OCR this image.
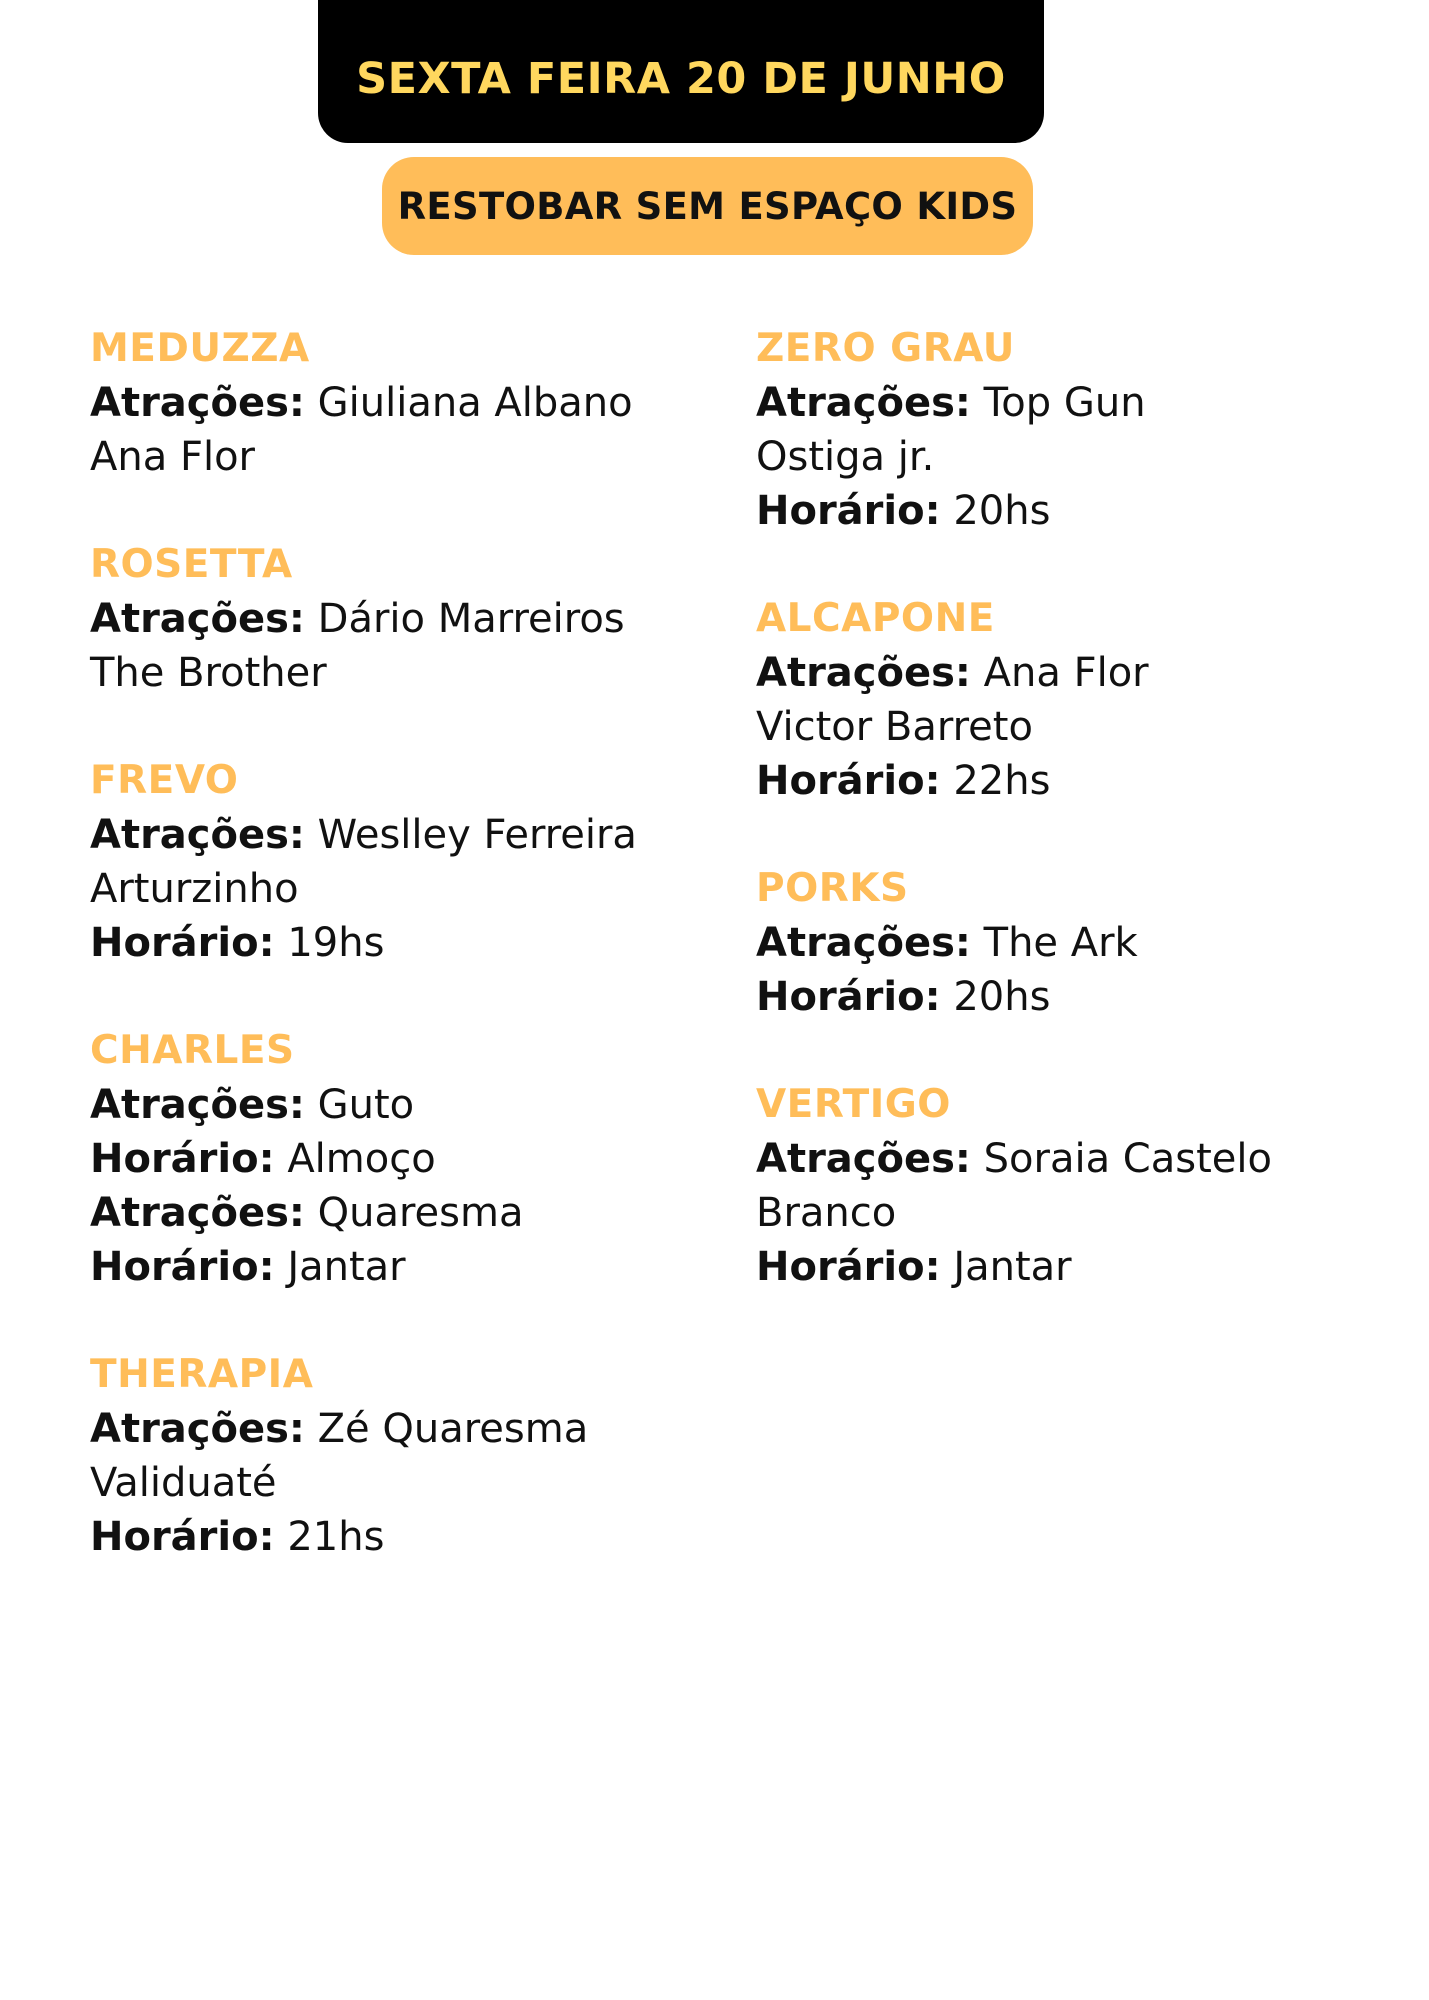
SEXTA FEIRA 20 DE JUNHO
RESTOBAR SEM ESPAÇO KIDS
MEDUZZA
Atrações: Giuliana Albano
Ana Flor
ROSETTA
Atrações: Dário Marreiros
The Brother
FREVO
Atrações: Weslley Ferreira
Arturzinho
Horário: 19hs
CHARLES
Atrações: Guto
Horário: Almoço
Atrações: Quaresma
Horário: Jantar
THERAPIA
Atrações: Zé Quaresma
Validuaté
Horário: 21hs
ZERO GRAU
Atrações: Top Gun
Ostiga jr.
Horário: 20hs
ALCAPONE
Atrações: Ana Flor
Victor Barreto
Horário: 22hs
PORKS
Atrações: The Ark
Horário: 20hs
VERTIGO
Atrações: Soraia Castelo
Branco
Horário: Jantar
